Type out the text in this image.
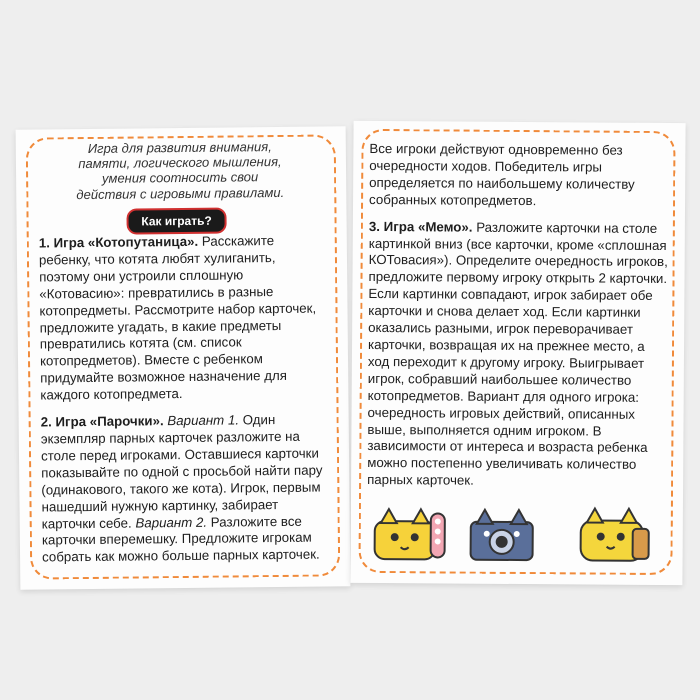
Игра для развития внимания,
памяти, логического мышления,
умения соотносить свои
действия с игровыми правилами.
Как играть?

1. Игра «Котопутаница». Расскажите ребенку, что котята любят хулиганить, поэтому они устроили сплошную «Котовасию»: превратились в разные котопредметы. Рассмотрите набор карточек, предложите угадать, в какие предметы превратились котята (см. список котопредметов). Вместе с ребенком придумайте возможное назначение для каждого котопредмета.

2. Игра «Парочки». Вариант 1. Один экземпляр парных карточек разложите на столе перед игроками. Оставшиеся карточки показывайте по одной с просьбой найти пару (одинакового, такого же кота). Игрок, первым нашедший нужную картинку, забирает карточки себе. Вариант 2. Разложите все карточки вперемешку. Предложите игрокам собрать как можно больше парных карточек.

Все игроки действуют одновременно без очередности ходов. Победитель игры определяется по наибольшему количеству собранных котопредметов.

3. Игра «Мемо». Разложите карточки на столе картинкой вниз (все карточки, кроме «сплошная КОТовасия»). Определите очередность игроков, предложите первому игроку открыть 2 карточки. Если картинки совпадают, игрок забирает обе карточки и снова делает ход. Если картинки оказались разными, игрок переворачивает карточки, возвращая их на прежнее место, а ход переходит к другому игроку. Выигрывает игрок, собравший наибольшее количество котопредметов. Вариант для одного игрока: очередность игровых действий, описанных выше, выполняется одним игроком. В зависимости от интереса и возраста ребенка можно постепенно увеличивать количество парных карточек.
